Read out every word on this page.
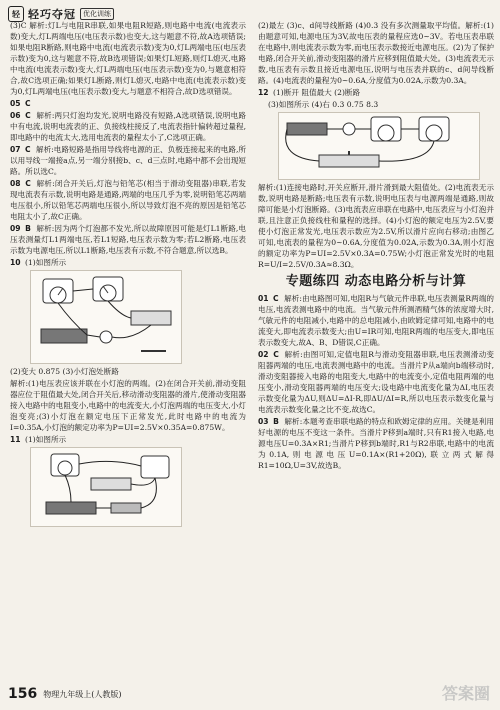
轻 轻巧夺冠	优化训练
(3)C 解析:灯L与电阻R串联,如果电阻R短路,则电路中电流(电流表示数)变大,灯L两端电压(电压表示数)也变大,这与题意不符,故A选项错误;如果电阻R断路,则电路中电流(电流表示数)变为0,灯L两端电压(电压表示数)变为0,这与题意不符,故B选项错误;如果灯L短路,则灯L熄灭,电路中电流(电流表示数)变大,灯L两端电压(电压表示数)变为0,与题意相符合,故C选项正确;如果灯L断路,则灯L熄灭,电路中电流(电流表示数)变为0,灯L两端电压(电压表示数)变大,与题意不相符合,故D选项错误。
05 C
06 C 解析:两只灯泡均发光,说明电路没有短路,A选项错误,说明电路中有电流,说明电流表的正、负接线柱接反了,电流表指针偏转超过量程,即电路中的电流太大,选用电流表的量程太小了,C选项正确。
07 C 解析:电路短路是指用导线将电源的正、负极连接起来的电路,所以用导线一端接a点,另一端分别接b、c、d三点时,电路中都不会出现短路。所以选C。
08 C 解析:闭合开关后,灯泡与铅笔芯(相当于滑动变阻器)串联,若发现电流表有示数,说明电路是通路,两端的电压几乎为零,说明铅笔芯两端电压很小,所以铅笔芯两端电压很小,所以导致灯泡不亮的原因是铅笔芯电阻太小了,故C正确。
09 B 解析:因为两个灯泡都不发光,所以故障原因可能是灯L1断路,电压表测量灯L1两端电压,若L1短路,电压表示数为零;若L2断路,电压表示数为电源电压,所以L1断路,电压表有示数,不符合题意,所以选B。
10 (1)如图所示
(2)变大 0.875 (3)小灯泡处断路
解析:(1)电压表应该并联在小灯泡的两端。(2)在闭合开关前,滑动变阻器应位于阻值最大处,闭合开关后,移动滑动变阻器的滑片,使滑动变阻器接入电路中的电阻变小,电路中的电流变大,小灯泡两端的电压变大,小灯泡变亮;(3)小灯泡在额定电压下正常发光,此时电路中的电流为I=0.35A,小灯泡的额定功率为P=UI=2.5V×0.35A=0.875W。
11 (1)如图所示
(2)最左 (3)c、d间导线断路 (4)0.3 没有多次测量取平均值。解析:(1)由题意可知,电源电压为3V,故电压表的量程应选0~3V。若电压表串联在电路中,则电流表示数为零,而电压表示数接近电源电压。(2)为了保护电路,闭合开关前,滑动变阻器的滑片应移到阻值最大处。(3)电流表无示数,电压表有示数且接近电源电压,说明与电压表并联的c、d间导线断路。(4)电流表的量程为0~0.6A,分度值为0.02A,示数为0.3A。
12 (1)断开 阻值最大 (2)断路
(3)如图所示 (4)右 0.3 0.75 8.3
解析:(1)连接电路时,开关应断开,滑片滑到最大阻值处。(2)电流表无示数,说明电路是断路;电压表有示数,说明电压表与电源两端是通路,则故障可能是小灯泡断路。(3)电流表应串联在电路中,电压表应与小灯泡并联,且注意正负接线柱和量程的选择。(4)小灯泡的额定电压为2.5V,要使小灯泡正常发光,电压表示数应为2.5V,所以滑片应向右移动;由图乙可知,电流表的量程为0~0.6A,分度值为0.02A,示数为0.3A,则小灯泡的额定功率为P=UI=2.5V×0.3A=0.75W;小灯泡正常发光时的电阻R=U/I=2.5V/0.3A≈8.3Ω。
专题练四 动态电路分析与计算
01 C 解析:由电路图可知,电阻R与气敏元件串联,电压表测量R两端的电压,电流表测电路中的电流。当气敏元件所测酒精气体的浓度增大时,气敏元件的电阻减小,电路中的总电阻减小,由欧姆定律可知,电路中的电流变大,即电流表示数变大;由U=IR可知,电阻R两端的电压变大,即电压表示数变大,故A、B、D错误,C正确。
02 C 解析:由图可知,定值电阻R与滑动变阻器串联,电压表测滑动变阻器两端的电压,电流表测电路中的电流。当滑片P从a端向b端移动时,滑动变阻器接入电路的电阻变大,电路中的电流变小,定值电阻两端的电压变小,滑动变阻器两端的电压变大;设电路中电流变化量为ΔI,电压表示数变化量为ΔU,则ΔU=ΔI·R,即ΔU/ΔI=R,所以电压表示数变化量与电流表示数变化量之比不变,故选C。
03 B 解析:本题考查串联电路的特点和欧姆定律的应用。关键是利用好电源的电压不变这一条件。当滑片P移到a端时,只有R1接入电路,电源电压U=0.3A×R1;当滑片P移到b端时,R1与R2串联,电路中的电流为0.1A,则电源电压U=0.1A×(R1+20Ω),联立两式解得R1=10Ω,U=3V,故选B。
156 物理九年级上(人教版)	答案圈
